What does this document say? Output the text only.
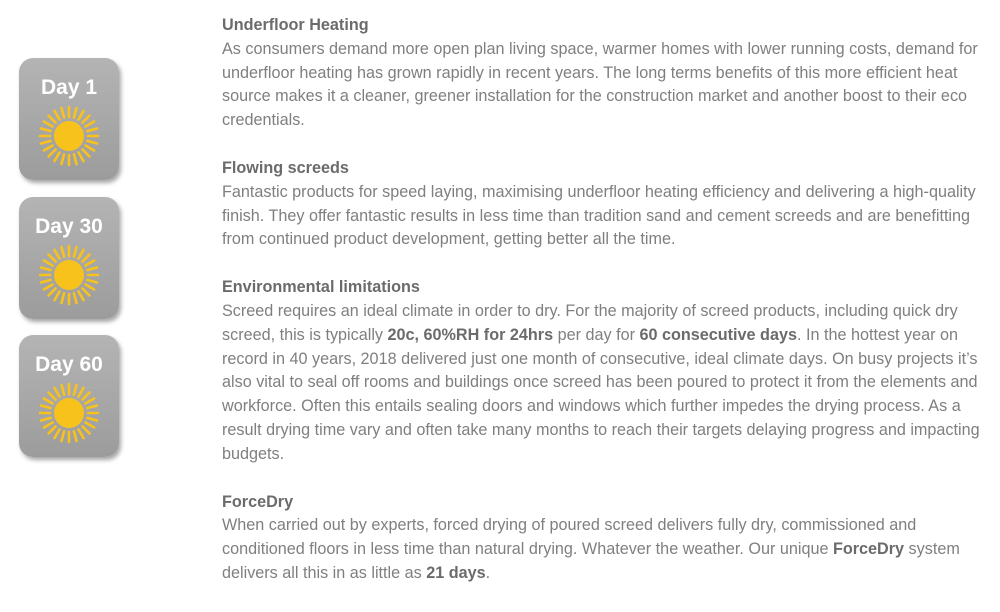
Day 1
Day 30
Day 60
Underfloor Heating

As consumers demand more open plan living space, warmer homes with lower running costs, demand for underfloor heating has grown rapidly in recent years. The long terms benefits of this more efficient heat source makes it a cleaner, greener installation for the construction market and another boost to their eco credentials.

Flowing screeds

Fantastic products for speed laying, maximising underfloor heating efficiency and delivering a high-quality finish. They offer fantastic results in less time than tradition sand and cement screeds and are benefitting from continued product development, getting better all the time.

Environmental limitations

Screed requires an ideal climate in order to dry. For the majority of screed products, including quick dry screed, this is typically 20c, 60%RH for 24hrs per day for 60 consecutive days. In the hottest year on record in 40 years, 2018 delivered just one month of consecutive, ideal climate days. On busy projects it’s also vital to seal off rooms and buildings once screed has been poured to protect it from the elements and workforce. Often this entails sealing doors and windows which further impedes the drying process. As a result drying time vary and often take many months to reach their targets delaying progress and impacting budgets.

ForceDry

When carried out by experts, forced drying of poured screed delivers fully dry, commissioned and conditioned floors in less time than natural drying. Whatever the weather. Our unique ForceDry system delivers all this in as little as 21 days.
